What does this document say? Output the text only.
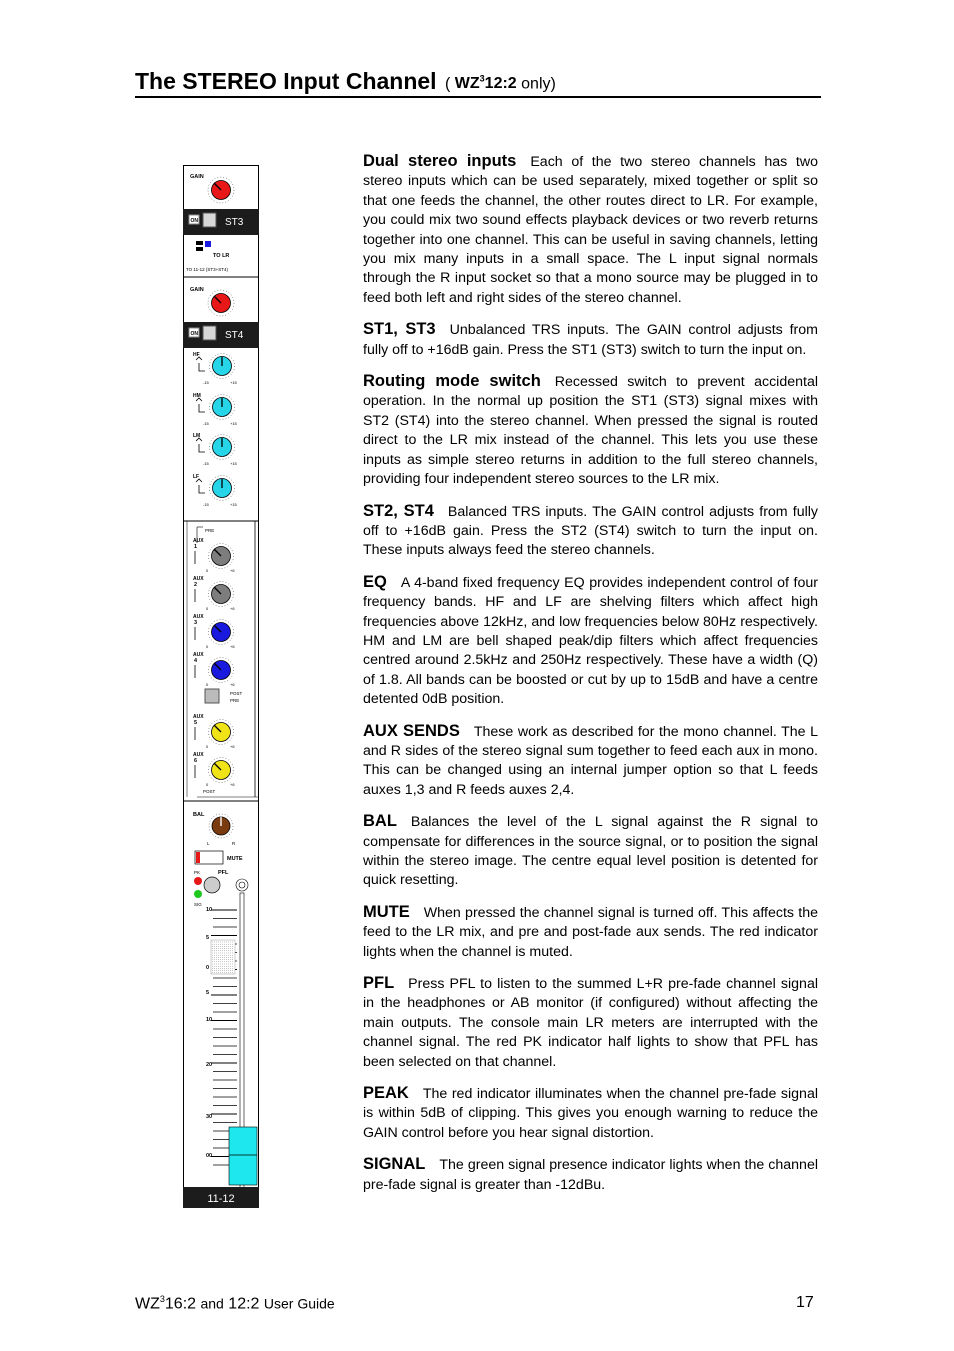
The STEREO Input Channel ( $WZ^312:2$ only)
GAIN
ON	ST3
TO LR
TO 11-12 (ST3+ST4)
GAIN
ON	ST4
HF
-15	+15
HM
-15	+15
LM
-15	+15
LF
-15	+15
PRE
AUX
1
0	+6
AUX
2
0	+6
AUX
3
0	+6
AUX
4
0	+6
AUX
5
0	+6
AUX
6
0	+6
POST
PRE
POST
BAL
L	R
MUTE
PK	PFL
SIG
10
5
0
5
10
20
30
00
11-12

Dual stereo inputs Each of the two stereo channels has two stereo inputs which can be used separately, mixed together or split so that one feeds the channel, the other routes direct to LR. For example, you could mix two sound effects playback devices or two reverb returns together into one channel. This can be useful in saving channels, letting you mix many inputs in a small space. The L input signal normals through the R input socket so that a mono source may be plugged in to feed both left and right sides of the stereo channel.

ST1, ST3 Unbalanced TRS inputs. The GAIN control adjusts from fully off to +16dB gain. Press the ST1 (ST3) switch to turn the input on.

Routing mode switch Recessed switch to prevent accidental operation. In the normal up position the ST1 (ST3) signal mixes with ST2 (ST4) into the stereo channel. When pressed the signal is routed direct to the LR mix instead of the channel. This lets you use these inputs as simple stereo returns in addition to the full stereo channels, providing four independent stereo sources to the LR mix.

ST2, ST4 Balanced TRS inputs. The GAIN control adjusts from fully off to +16dB gain. Press the ST2 (ST4) switch to turn the input on. These inputs always feed the stereo channels.

EQ A 4-band fixed frequency EQ provides independent control of four frequency bands. HF and LF are shelving filters which affect high frequencies above 12kHz, and low frequencies below 80Hz respectively. HM and LM are bell shaped peak/dip filters which affect frequencies centred around 2.5kHz and 250Hz respectively. These have a width (Q) of 1.8. All bands can be boosted or cut by up to 15dB and have a centre detented 0dB position.

AUX SENDS These work as described for the mono channel. The L and R sides of the stereo signal sum together to feed each aux in mono. This can be changed using an internal jumper option so that L feeds auxes 1,3 and R feeds auxes 2,4.

BAL Balances the level of the L signal against the R signal to compensate for differences in the source signal, or to position the signal within the stereo image. The centre equal level position is detented for quick resetting.

MUTE When pressed the channel signal is turned off. This affects the feed to the LR mix, and pre and post-fade aux sends. The red indicator lights when the channel is muted.

PFL Press PFL to listen to the summed L+R pre-fade channel signal in the headphones or AB monitor (if configured) without affecting the main outputs. The console main LR meters are interrupted with the channel signal. The red PK indicator half lights to show that PFL has been selected on that channel.

PEAK The red indicator illuminates when the channel pre-fade signal is within 5dB of clipping. This gives you enough warning to reduce the GAIN control before you hear signal distortion.

SIGNAL The green signal presence indicator lights when the channel pre-fade signal is greater than -12dBu.

$WZ^316:2$ and 12:2 User Guide	17
